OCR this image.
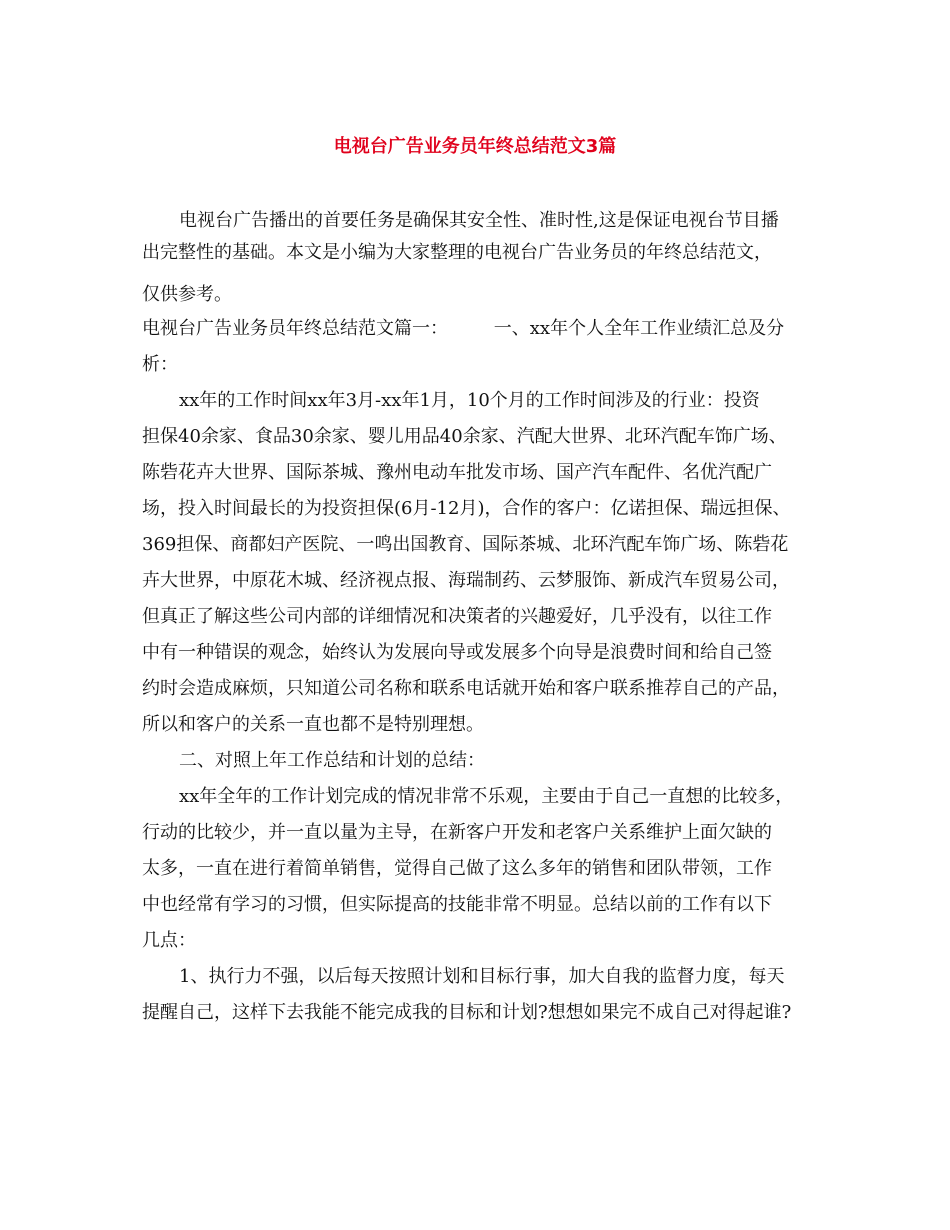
电视台广告业务员年终总结范文3篇
电视台广告播出的首要任务是确保其安全性、准时性,这是保证电视台节目播
出完整性的基础。本文是小编为大家整理的电视台广告业务员的年终总结范文，
仅供参考。
电视台广告业务员年终总结范文篇一：        一、xx年个人全年工作业绩汇总及分
析：
xx年的工作时间xx年3月-xx年1月，10个月的工作时间涉及的行业：投资
担保40余家、食品30余家、婴儿用品40余家、汽配大世界、北环汽配车饰广场、
陈砦花卉大世界、国际茶城、豫州电动车批发市场、国产汽车配件、名优汽配广
场，投入时间最长的为投资担保(6月-12月)，合作的客户：亿诺担保、瑞远担保、
369担保、商都妇产医院、一鸣出国教育、国际茶城、北环汽配车饰广场、陈砦花
卉大世界，中原花木城、经济视点报、海瑞制药、云梦服饰、新成汽车贸易公司，
但真正了解这些公司内部的详细情况和决策者的兴趣爱好，几乎没有，以往工作
中有一种错误的观念，始终认为发展向导或发展多个向导是浪费时间和给自己签
约时会造成麻烦，只知道公司名称和联系电话就开始和客户联系推荐自己的产品，
所以和客户的关系一直也都不是特别理想。
二、对照上年工作总结和计划的总结：
xx年全年的工作计划完成的情况非常不乐观，主要由于自己一直想的比较多，
行动的比较少，并一直以量为主导，在新客户开发和老客户关系维护上面欠缺的
太多，一直在进行着简单销售，觉得自己做了这么多年的销售和团队带领，工作
中也经常有学习的习惯，但实际提高的技能非常不明显。总结以前的工作有以下
几点：
1、执行力不强，以后每天按照计划和目标行事，加大自我的监督力度，每天
提醒自己，这样下去我能不能完成我的目标和计划?想想如果完不成自己对得起谁?
